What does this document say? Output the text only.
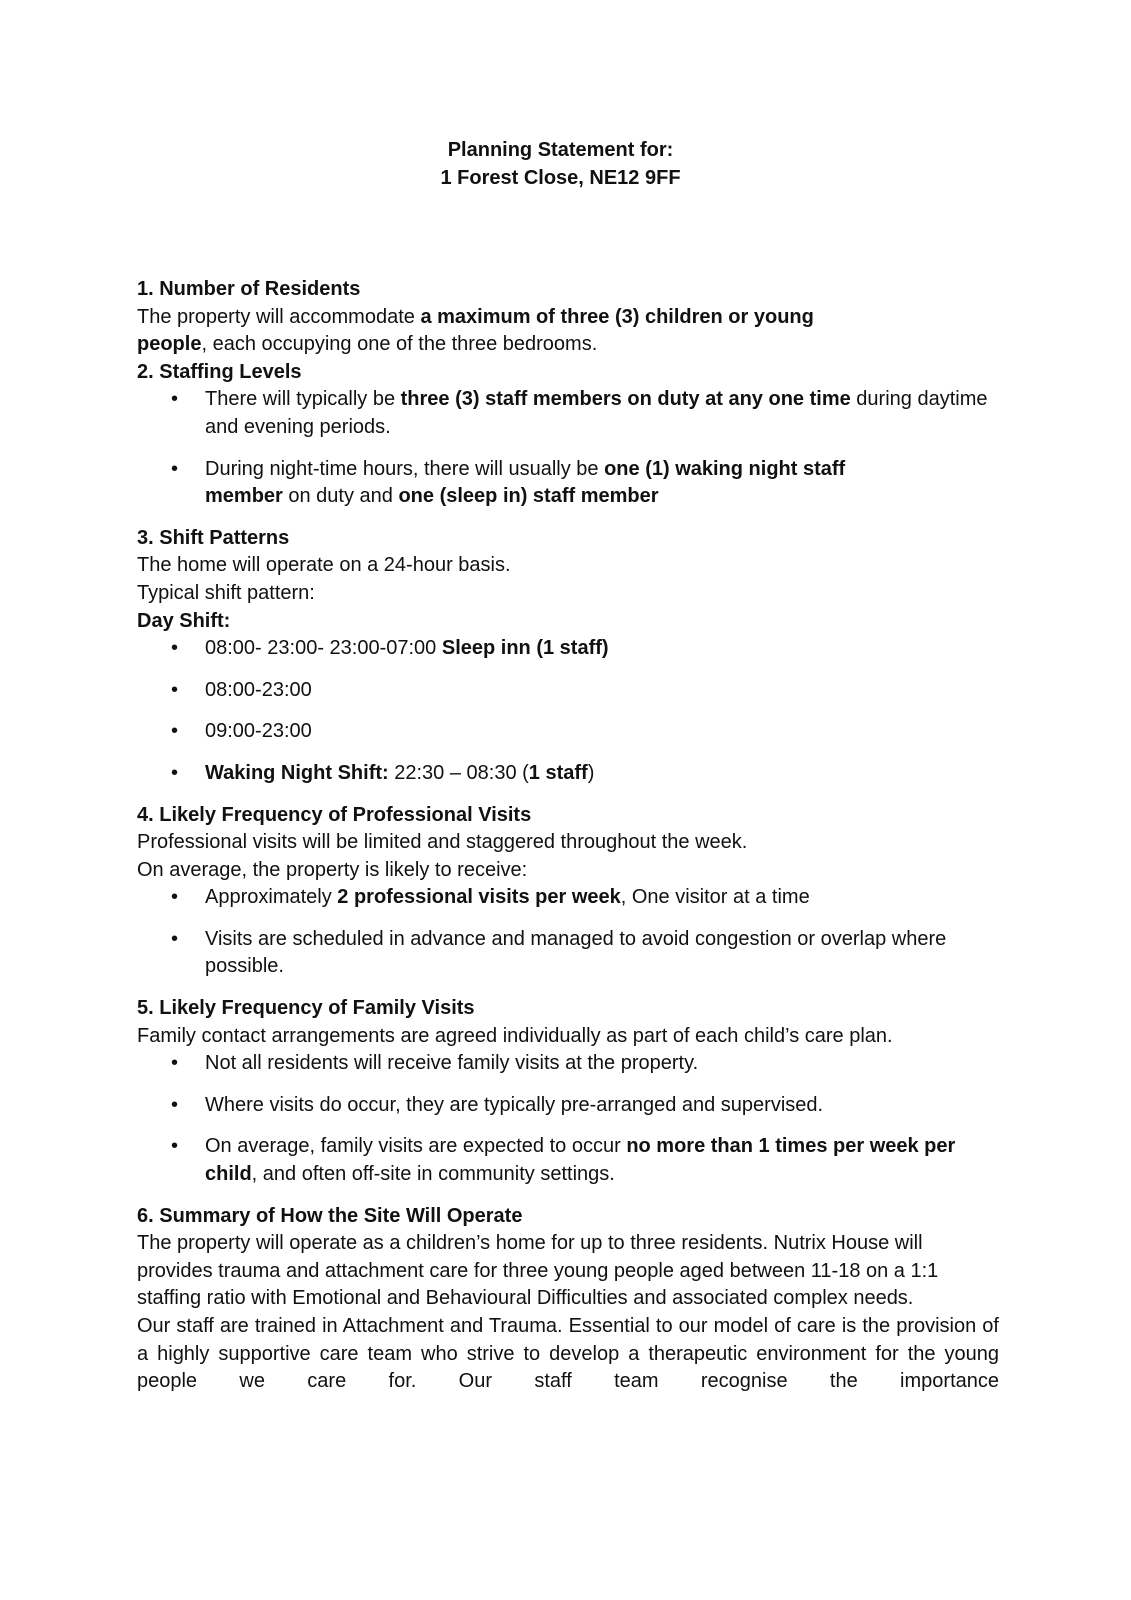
Planning Statement for:
1 Forest Close, NE12 9FF

1. Number of Residents

The property will accommodate a maximum of three (3) children or young people, each occupying one of the three bedrooms.

2. Staffing Levels

• There will typically be three (3) staff members on duty at any one time during daytime and evening periods.
• During night-time hours, there will usually be one (1) waking night staff member on duty and one (sleep in) staff member

3. Shift Patterns

The home will operate on a 24-hour basis.

Typical shift pattern:

Day Shift:

• 08:00- 23:00- 23:00-07:00 Sleep inn (1 staff)
• 08:00-23:00
• 09:00-23:00
• Waking Night Shift: 22:30 – 08:30 (1 staff)

4. Likely Frequency of Professional Visits

Professional visits will be limited and staggered throughout the week.

On average, the property is likely to receive:

• Approximately 2 professional visits per week, One visitor at a time
• Visits are scheduled in advance and managed to avoid congestion or overlap where possible.

5. Likely Frequency of Family Visits

Family contact arrangements are agreed individually as part of each child’s care plan.

• Not all residents will receive family visits at the property.
• Where visits do occur, they are typically pre-arranged and supervised.
• On average, family visits are expected to occur no more than 1 times per week per child, and often off-site in community settings.

6. Summary of How the Site Will Operate

The property will operate as a children’s home for up to three residents. Nutrix House will provides trauma and attachment care for three young people aged between 11-18 on a 1:1 staffing ratio with Emotional and Behavioural Difficulties and associated complex needs.

Our staff are trained in Attachment and Trauma. Essential to our model of care is the provision of a highly supportive care team who strive to develop a therapeutic environment for the young people we care for. Our staff team recognise the importance
